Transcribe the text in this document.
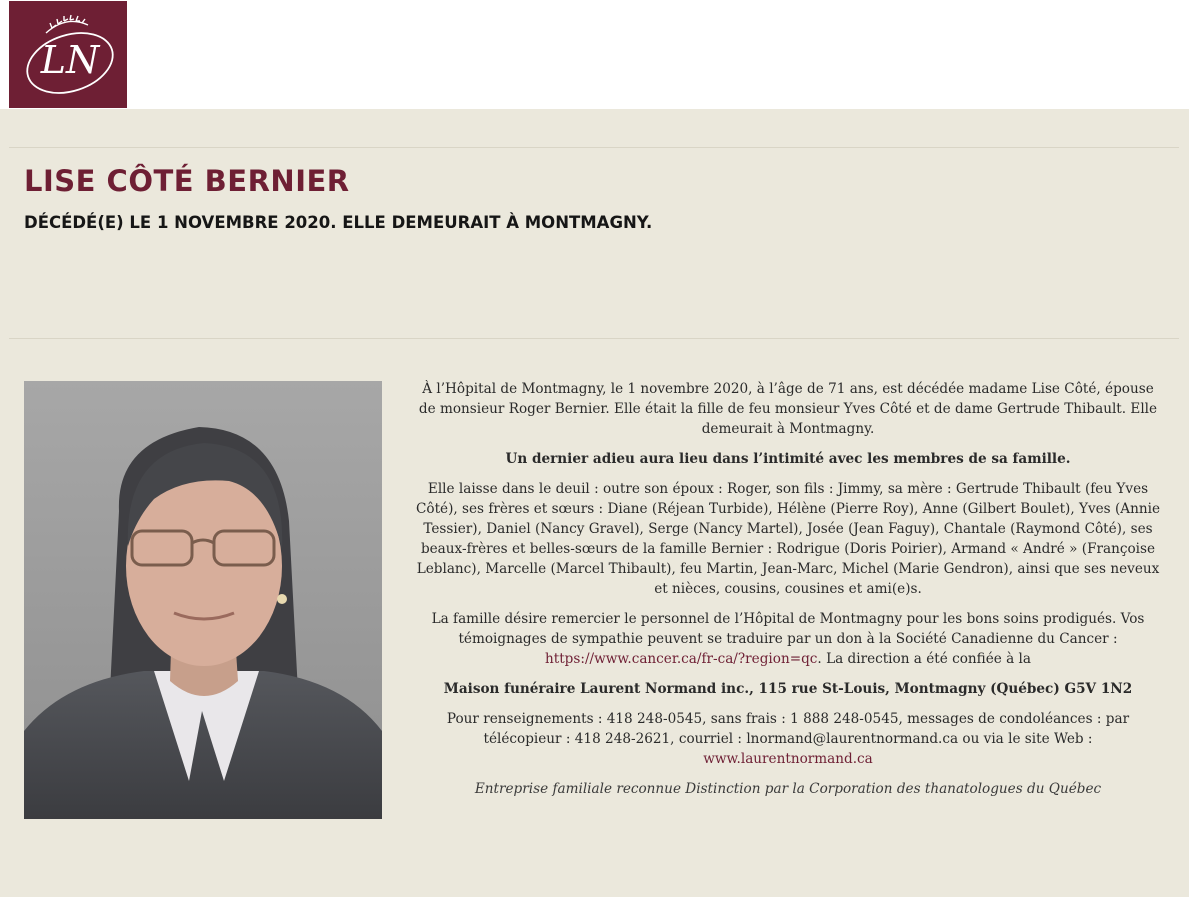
LN
LISE CÔTÉ BERNIER
DÉCÉDÉ(E) LE 1 NOVEMBRE 2020. ELLE DEMEURAIT À MONTMAGNY.

À l’Hôpital de Montmagny, le 1 novembre 2020, à l’âge de 71 ans, est décédée madame Lise Côté, épouse de monsieur Roger Bernier. Elle était la fille de feu monsieur Yves Côté et de dame Gertrude Thibault. Elle demeurait à Montmagny.

Un dernier adieu aura lieu dans l’intimité avec les membres de sa famille.

Elle laisse dans le deuil : outre son époux : Roger, son fils : Jimmy, sa mère : Gertrude Thibault (feu Yves Côté), ses frères et sœurs : Diane (Réjean Turbide), Hélène (Pierre Roy), Anne (Gilbert Boulet), Yves (Annie Tessier), Daniel (Nancy Gravel), Serge (Nancy Martel), Josée (Jean Faguy), Chantale (Raymond Côté), ses beaux-frères et belles-sœurs de la famille Bernier : Rodrigue (Doris Poirier), Armand « André » (Françoise Leblanc), Marcelle (Marcel Thibault), feu Martin, Jean-Marc, Michel (Marie Gendron), ainsi que ses neveux et nièces, cousins, cousines et ami(e)s.

La famille désire remercier le personnel de l’Hôpital de Montmagny pour les bons soins prodigués. Vos témoignages de sympathie peuvent se traduire par un don à la Société Canadienne du Cancer : https://www.cancer.ca/fr-ca/?region=qc. La direction a été confiée à la

Maison funéraire Laurent Normand inc., 115 rue St-Louis, Montmagny (Québec) G5V 1N2

Pour renseignements : 418 248-0545, sans frais : 1 888 248-0545, messages de condoléances : par télécopieur : 418 248-2621, courriel : lnormand@laurentnormand.ca ou via le site Web : www.laurentnormand.ca

Entreprise familiale reconnue Distinction par la Corporation des thanatologues du Québec
